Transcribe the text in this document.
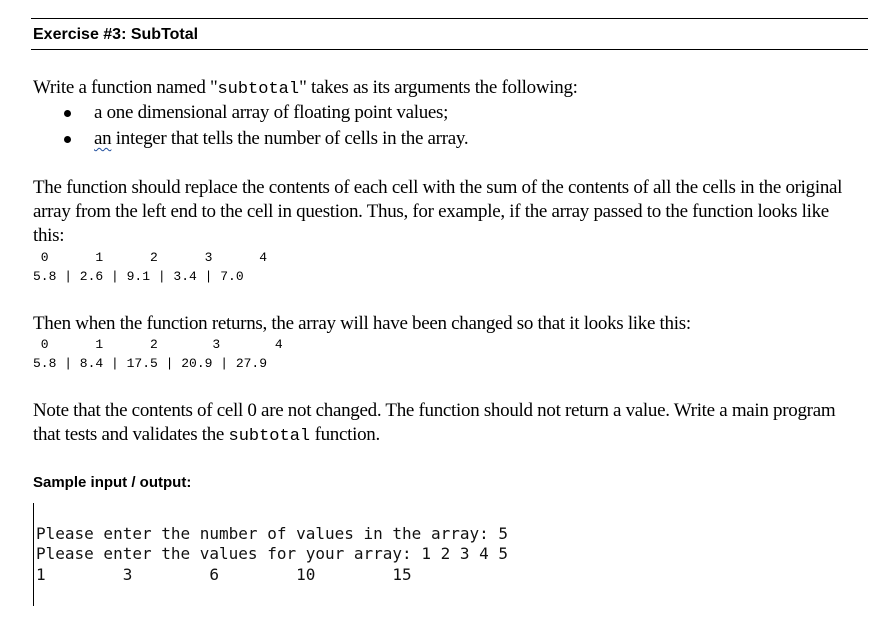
Exercise #3: SubTotal
Write a function named "subtotal" takes as its arguments the following:
a one dimensional array of floating point values;
an integer that tells the number of cells in the array.
The function should replace the contents of each cell with the sum of the contents of all the cells in the original array from the left end to the cell in question. Thus, for example, if the array passed to the function looks like this:
0      1      2      3      4
5.8 | 2.6 | 9.1 | 3.4 | 7.0
Then when the function returns, the array will have been changed so that it looks like this:
0      1      2       3       4
5.8 | 8.4 | 17.5 | 20.9 | 27.9
Note that the contents of cell 0 are not changed. The function should not return a value. Write a main program that tests and validates the subtotal function.
Sample input / output:

Please enter the number of values in the array: 5
Please enter the values for your array: 1 2 3 4 5
1        3        6        10        15
